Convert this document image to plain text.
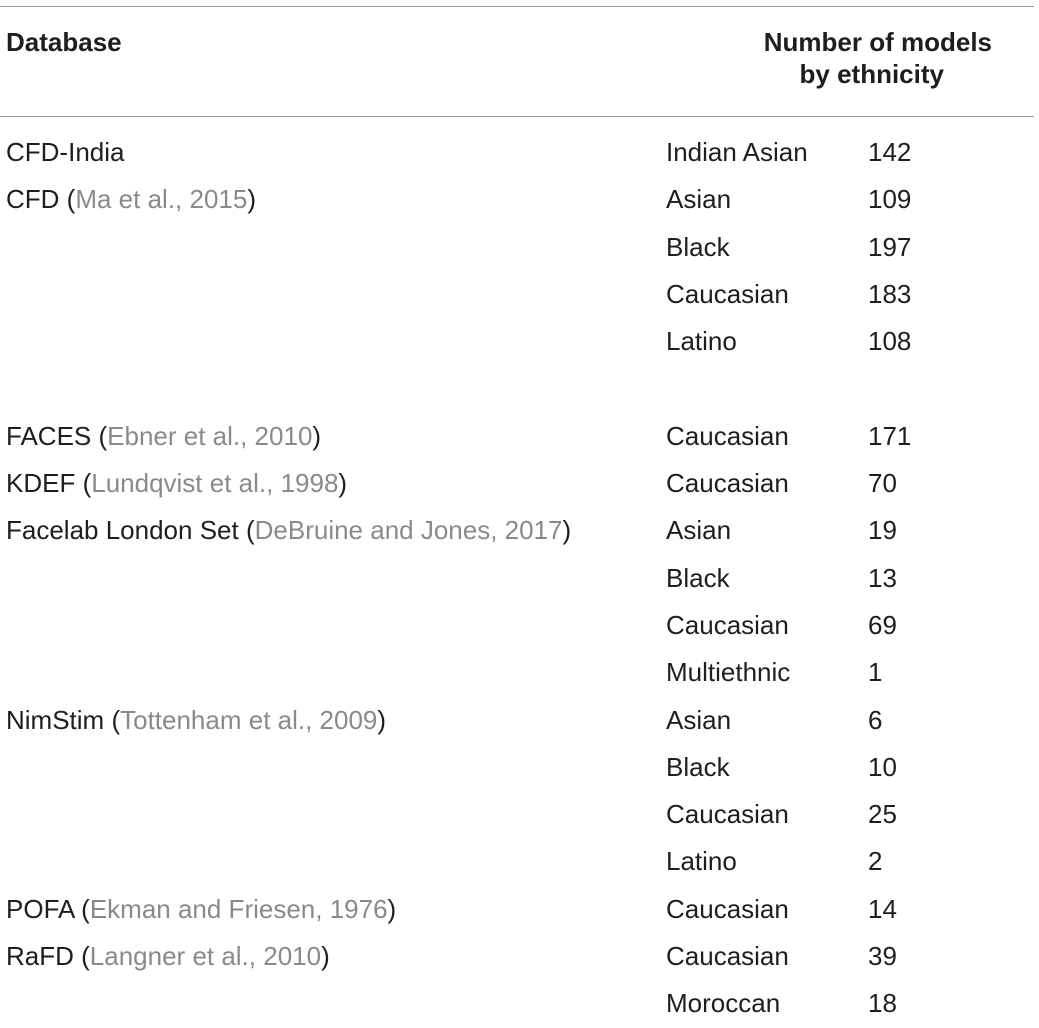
Database	Number of models
by ethnicity
CFD-India	Indian Asian 142
CFD (Ma et al., 2015)	Asian	109
Black	197
Caucasian	183
Latino	108
FACES (Ebner et al., 2010)	Caucasian	171
KDEF (Lundqvist et al., 1998)	Caucasian	70
Facelab London Set (DeBruine and Jones, 2017)	Asian	19
Black	13
Caucasian	69
Multiethnic	1
NimStim (Tottenham et al., 2009)	Asian	6
Black	10
Caucasian	25
Latino	2
POFA (Ekman and Friesen, 1976)	Caucasian	14
RaFD (Langner et al., 2010)	Caucasian	39
Moroccan	18
